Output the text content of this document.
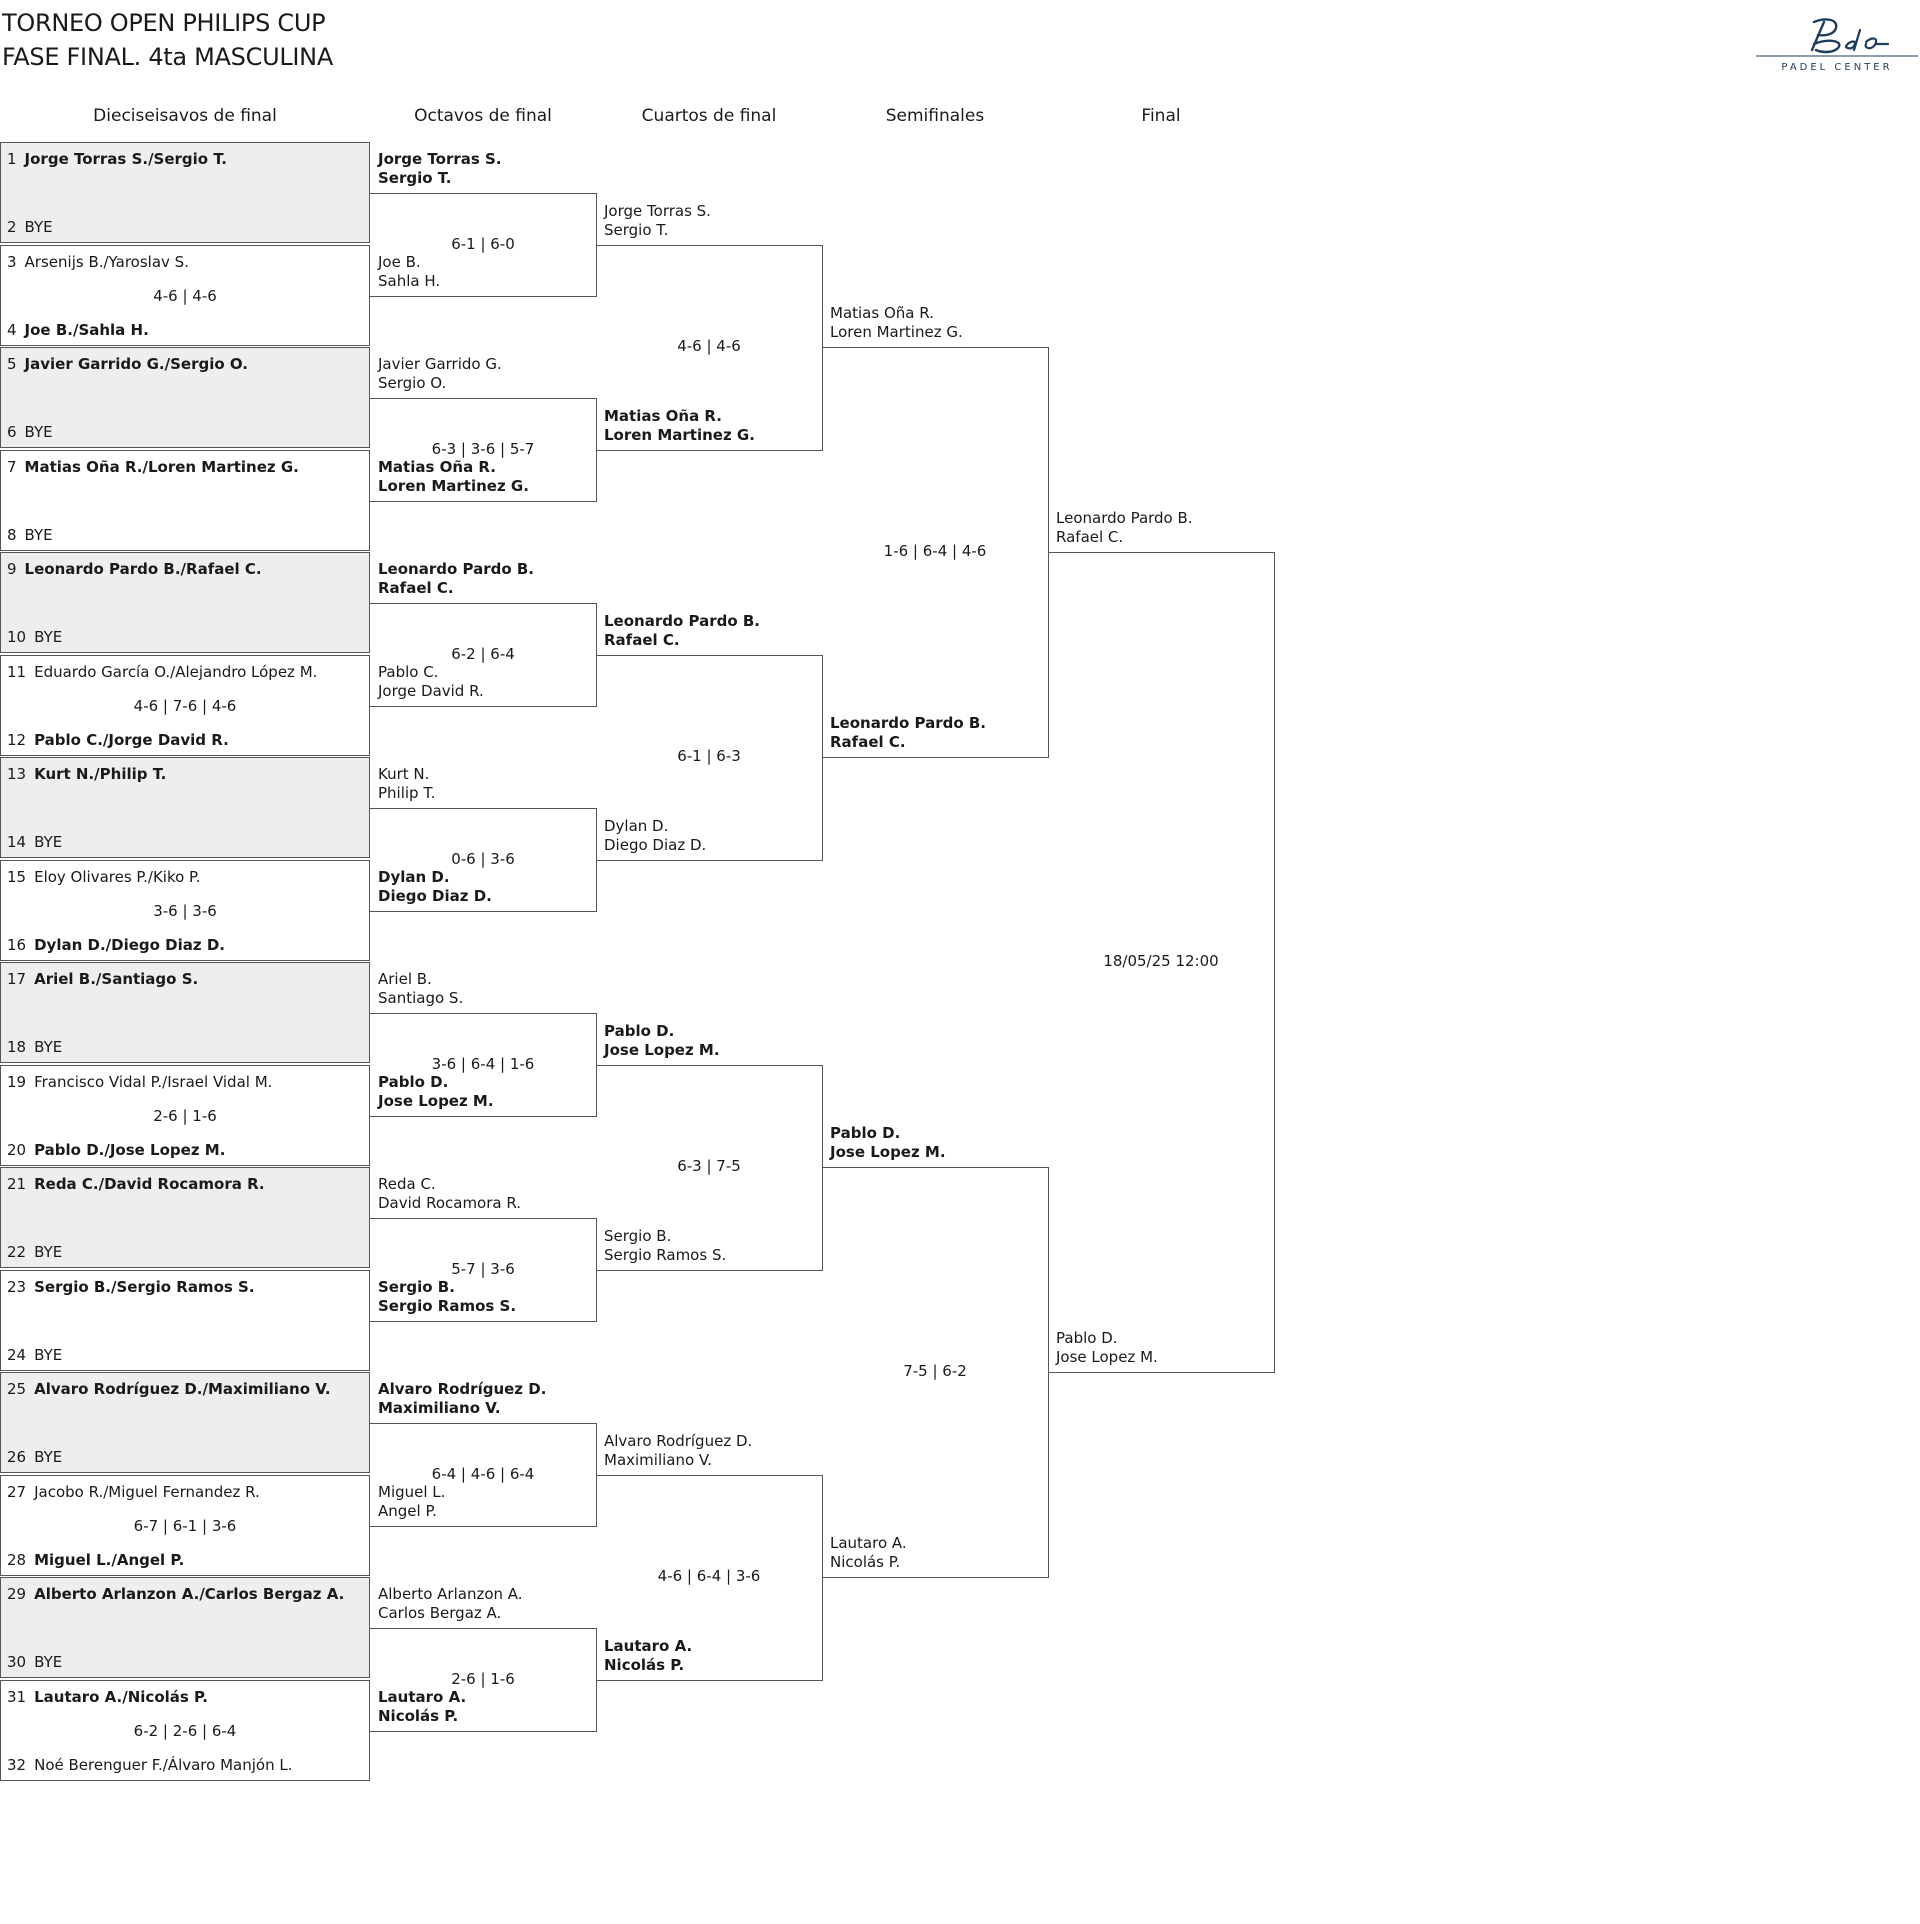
TORNEO OPEN PHILIPS CUP
FASE FINAL. 4ta MASCULINA	PADEL CENTER
Dieciseisavos de final	Octavos de final	Cuartos de final	Semifinales	Final
1 Jorge Torras S./Sergio T.
2 BYE
3 Arsenijs B./Yaroslav S.
4 Joe B./Sahla H.
4-6 | 4-6
5 Javier Garrido G./Sergio O.
6 BYE
7 Matias Oña R./Loren Martinez G.
8 BYE
9 Leonardo Pardo B./Rafael C.
10 BYE
11 Eduardo García O./Alejandro López M.
12 Pablo C./Jorge David R.
4-6 | 7-6 | 4-6
13 Kurt N./Philip T.
14 BYE
15 Eloy Olivares P./Kiko P.
16 Dylan D./Diego Diaz D.
3-6 | 3-6
17 Ariel B./Santiago S.
18 BYE
19 Francisco Vidal P./Israel Vidal M.
20 Pablo D./Jose Lopez M.
2-6 | 1-6
21 Reda C./David Rocamora R.
22 BYE
23 Sergio B./Sergio Ramos S.
24 BYE
25 Alvaro Rodríguez D./Maximiliano V.
26 BYE
27 Jacobo R./Miguel Fernandez R.
28 Miguel L./Angel P.
6-7 | 6-1 | 3-6
29 Alberto Arlanzon A./Carlos Bergaz A.
30 BYE
31 Lautaro A./Nicolás P.
32 Noé Berenguer F./Álvaro Manjón L.
6-2 | 2-6 | 6-4
Jorge Torras S.
Sergio T.
Joe B.
Sahla H.
6-1 | 6-0
Javier Garrido G.
Sergio O.
Matias Oña R.
Loren Martinez G.
6-3 | 3-6 | 5-7
Leonardo Pardo B.
Rafael C.
Pablo C.
Jorge David R.
6-2 | 6-4
Kurt N.
Philip T.
Dylan D.
Diego Diaz D.
0-6 | 3-6
Ariel B.
Santiago S.
Pablo D.
Jose Lopez M.
3-6 | 6-4 | 1-6
Reda C.
David Rocamora R.
Sergio B.
Sergio Ramos S.
5-7 | 3-6
Alvaro Rodríguez D.
Maximiliano V.
Miguel L.
Angel P.
6-4 | 4-6 | 6-4
Alberto Arlanzon A.
Carlos Bergaz A.
Lautaro A.
Nicolás P.
2-6 | 1-6
Jorge Torras S.
Sergio T.
Matias Oña R.
Loren Martinez G.
4-6 | 4-6
Leonardo Pardo B.
Rafael C.
Dylan D.
Diego Diaz D.
6-1 | 6-3
Pablo D.
Jose Lopez M.
Sergio B.
Sergio Ramos S.
6-3 | 7-5
Alvaro Rodríguez D.
Maximiliano V.
Lautaro A.
Nicolás P.
4-6 | 6-4 | 3-6
Matias Oña R.
Loren Martinez G.
Leonardo Pardo B.
Rafael C.
1-6 | 6-4 | 4-6
Pablo D.
Jose Lopez M.
Lautaro A.
Nicolás P.
7-5 | 6-2
Leonardo Pardo B.
Rafael C.
Pablo D.
Jose Lopez M.
18/05/25 12:00
